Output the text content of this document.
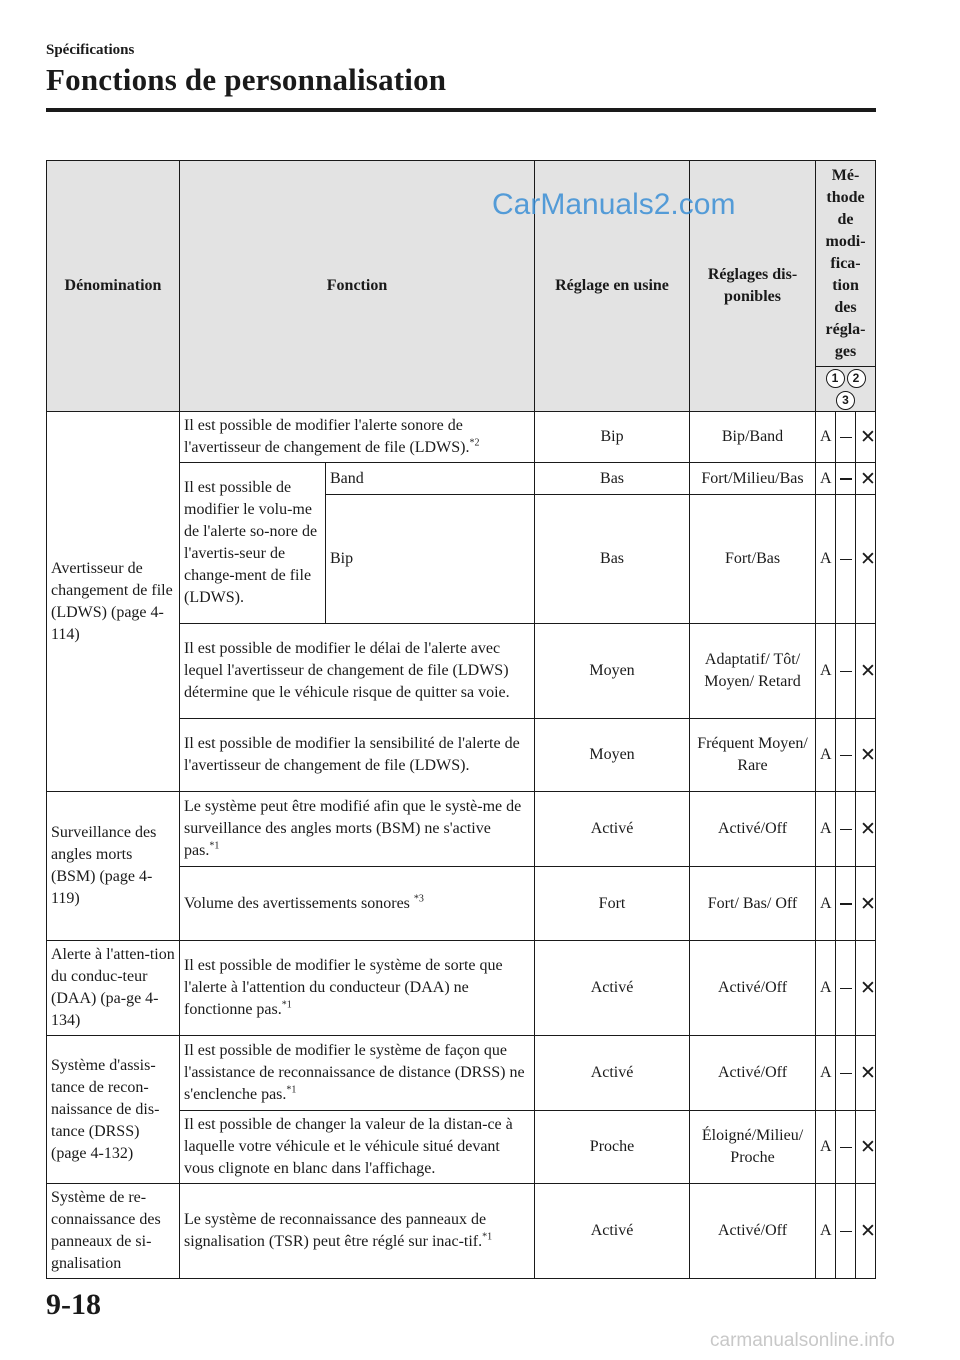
Spécifications
Fonctions de personnalisation
Dénomination	Fonction		Réglage en usine	Réglages dis-ponibles	Mé-thode de modi-fica-tion des régla-ges		
					1 23		
Avertisseur de changement de file (LDWS) (page 4-114)	Il est possible de modifier l'alerte sonore de l'avertisseur de changement de file (LDWS).$^{*2}$		Bip	Bip/Band	A		✕
	Il est possible de modifier le volu-me de l'alerte so-nore de l'avertis-seur de change-ment de file (LDWS).	Band	Bas	Fort/Milieu/Bas	A		✕
		Bip	Bas	Fort/Bas	A		✕
	Il est possible de modifier le délai de l'alerte avec lequel l'avertisseur de changement de file (LDWS) détermine que le véhicule risque de quitter sa voie.		Moyen	Adaptatif/ Tôt/ Moyen/ Retard	A		✕
	Il est possible de modifier la sensibilité de l'alerte de l'avertisseur de changement de file (LDWS).		Moyen	Fréquent Moyen/ Rare	A		✕
Surveillance des angles morts (BSM) (page 4-119)	Le système peut être modifié afin que le systè-me de surveillance des angles morts (BSM) ne s'active pas.$^{*1}$		Activé	Activé/Off	A		✕
	Volume des avertissements sonores $^{*3}$		Fort	Fort/ Bas/ Off	A		✕
Alerte à l'atten-tion du conduc-teur (DAA) (pa-ge 4-134)	Il est possible de modifier le système de sorte que l'alerte à l'attention du conducteur (DAA) ne fonctionne pas.$^{*1}$		Activé	Activé/Off	A		✕
Système d'assis-tance de recon-naissance de dis-tance (DRSS) (page 4-132)	Il est possible de modifier le système de façon que l'assistance de reconnaissance de distance (DRSS) ne s'enclenche pas.$^{*1}$		Activé	Activé/Off	A		✕
	Il est possible de changer la valeur de la distan-ce à laquelle votre véhicule et le véhicule situé devant vous clignote en blanc dans l'affichage.		Proche	Éloigné/Milieu/ Proche	A		✕
Système de re-connaissance des panneaux de si-gnalisation	Le système de reconnaissance des panneaux de signalisation (TSR) peut être réglé sur inac-tif.$^{*1}$		Activé	Activé/Off	A		✕
CarManuals2.com
9-18
carmanualsonline.info
